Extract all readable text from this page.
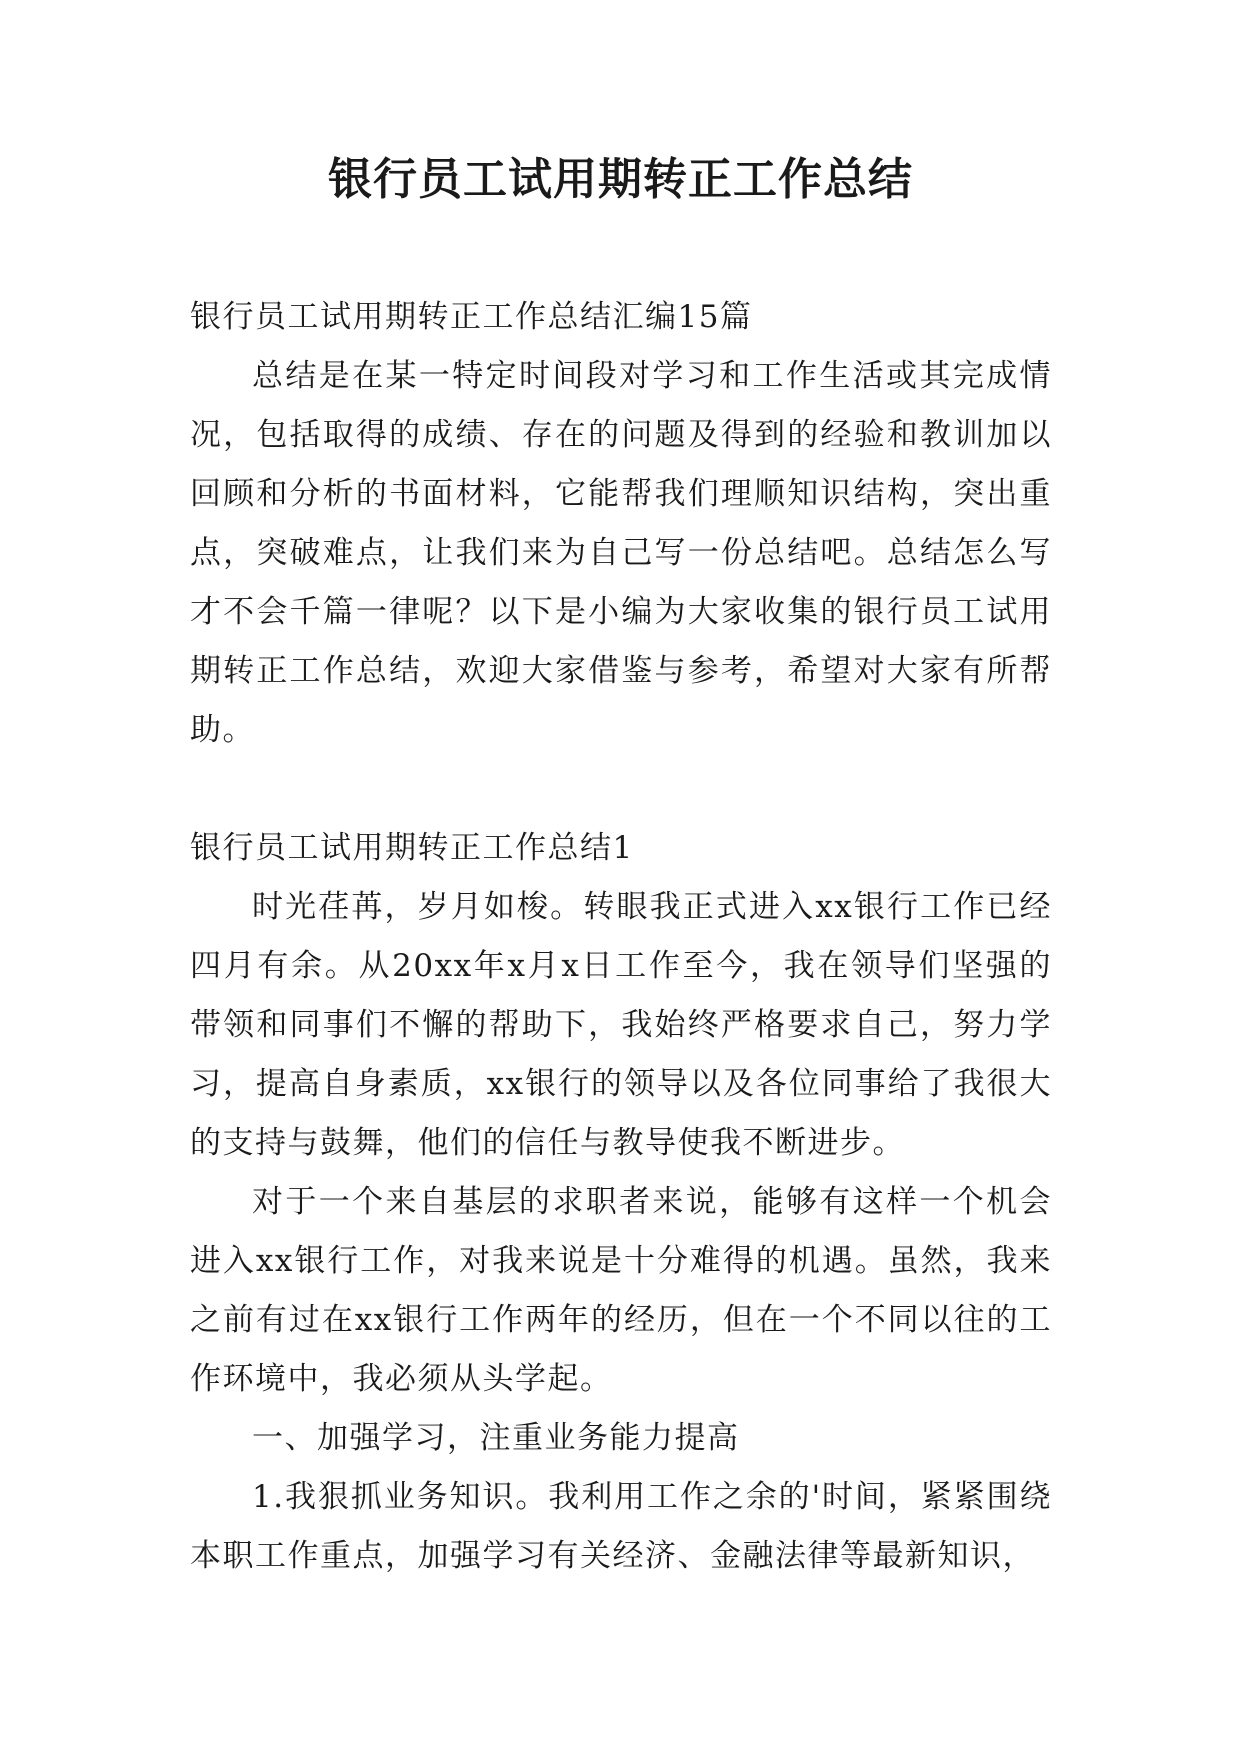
银行员工试用期转正工作总结

银行员工试用期转正工作总结汇编15篇

总结是在某一特定时间段对学习和工作生活或其完成情况，包括取得的成绩、存在的问题及得到的经验和教训加以回顾和分析的书面材料，它能帮我们理顺知识结构，突出重点，突破难点，让我们来为自己写一份总结吧。总结怎么写才不会千篇一律呢？以下是小编为大家收集的银行员工试用期转正工作总结，欢迎大家借鉴与参考，希望对大家有所帮助。

银行员工试用期转正工作总结1

时光荏苒，岁月如梭。转眼我正式进入xx银行工作已经四月有余。从20xx年x月x日工作至今，我在领导们坚强的带领和同事们不懈的帮助下，我始终严格要求自己，努力学习，提高自身素质，xx银行的领导以及各位同事给了我很大的支持与鼓舞，他们的信任与教导使我不断进步。

对于一个来自基层的求职者来说，能够有这样一个机会进入xx银行工作，对我来说是十分难得的机遇。虽然，我来之前有过在xx银行工作两年的经历，但在一个不同以往的工作环境中，我必须从头学起。

一、加强学习，注重业务能力提高

1.我狠抓业务知识。我利用工作之余的'时间，紧紧围绕本职工作重点，加强学习有关经济、金融法律等最新知识，
